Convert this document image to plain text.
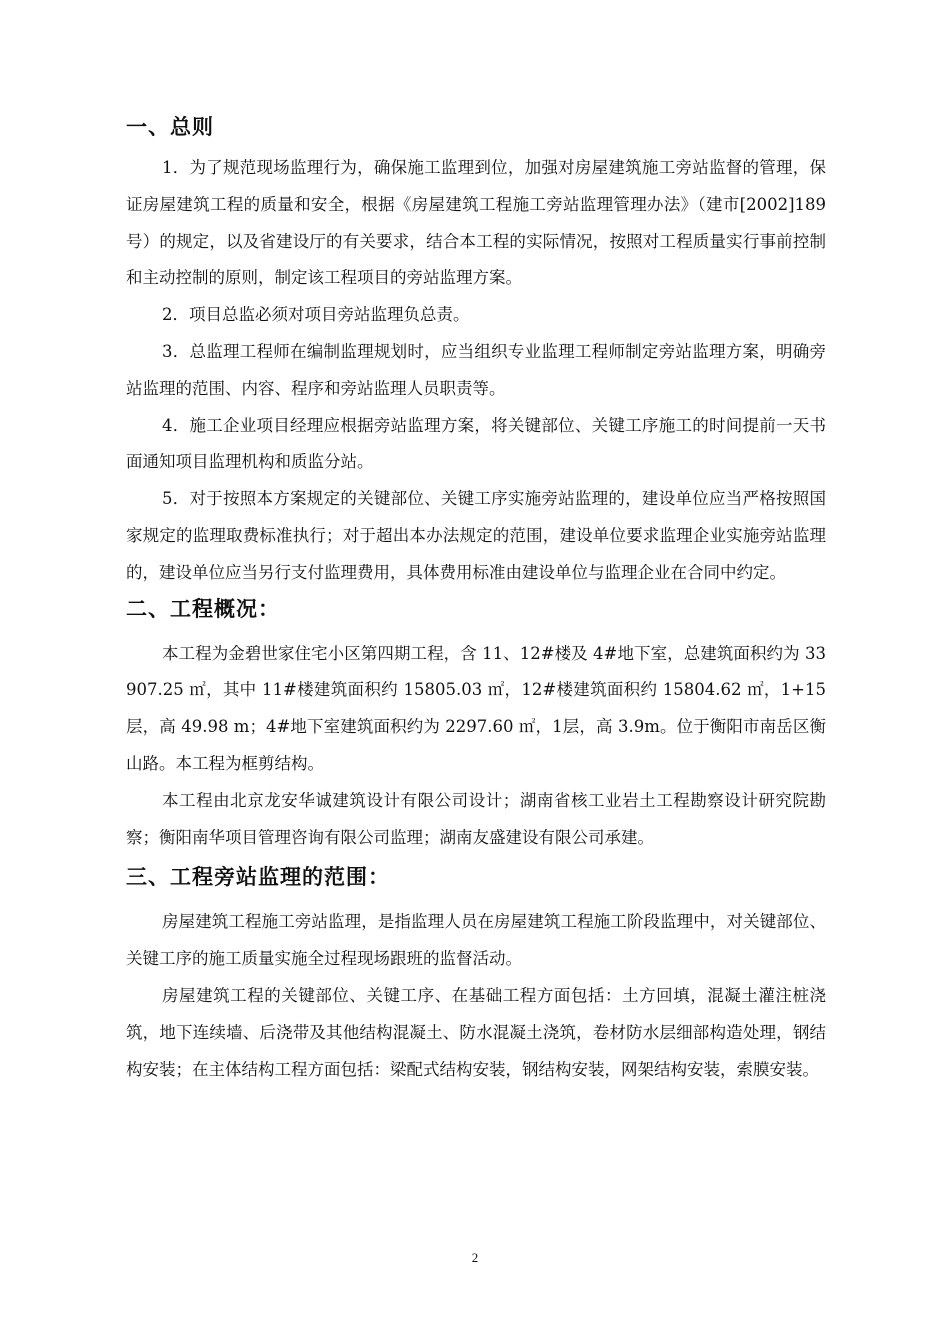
一、总则

1．为了规范现场监理行为，确保施工监理到位，加强对房屋建筑施工旁站监督的管理，保证房屋建筑工程的质量和安全，根据《房屋建筑工程施工旁站监理管理办法》（建市[2002]189号）的规定，以及省建设厅的有关要求，结合本工程的实际情况，按照对工程质量实行事前控制和主动控制的原则，制定该工程项目的旁站监理方案。

2．项目总监必须对项目旁站监理负总责。

3．总监理工程师在编制监理规划时，应当组织专业监理工程师制定旁站监理方案，明确旁站监理的范围、内容、程序和旁站监理人员职责等。

4．施工企业项目经理应根据旁站监理方案，将关键部位、关键工序施工的时间提前一天书面通知项目监理机构和质监分站。

5．对于按照本方案规定的关键部位、关键工序实施旁站监理的，建设单位应当严格按照国家规定的监理取费标准执行；对于超出本办法规定的范围，建设单位要求监理企业实施旁站监理的，建设单位应当另行支付监理费用，具体费用标准由建设单位与监理企业在合同中约定。

二、工程概况：

本工程为金碧世家住宅小区第四期工程，含 11、12#楼及 4#地下室，总建筑面积约为 33907.25 ㎡，其中 11#楼建筑面积约 15805.03 ㎡，12#楼建筑面积约 15804.62 ㎡，1+15层，高 49.98 m；4#地下室建筑面积约为 2297.60 ㎡，1层，高 3.9m。位于衡阳市南岳区衡山路。本工程为框剪结构。

本工程由北京龙安华诚建筑设计有限公司设计；湖南省核工业岩土工程勘察设计研究院勘察；衡阳南华项目管理咨询有限公司监理；湖南友盛建设有限公司承建。

三、工程旁站监理的范围：

房屋建筑工程施工旁站监理，是指监理人员在房屋建筑工程施工阶段监理中，对关键部位、关键工序的施工质量实施全过程现场跟班的监督活动。

房屋建筑工程的关键部位、关键工序、在基础工程方面包括：土方回填，混凝土灌注桩浇筑，地下连续墙、后浇带及其他结构混凝土、防水混凝土浇筑，卷材防水层细部构造处理，钢结构安装；在主体结构工程方面包括：梁配式结构安装，钢结构安装，网架结构安装，索膜安装。

2
